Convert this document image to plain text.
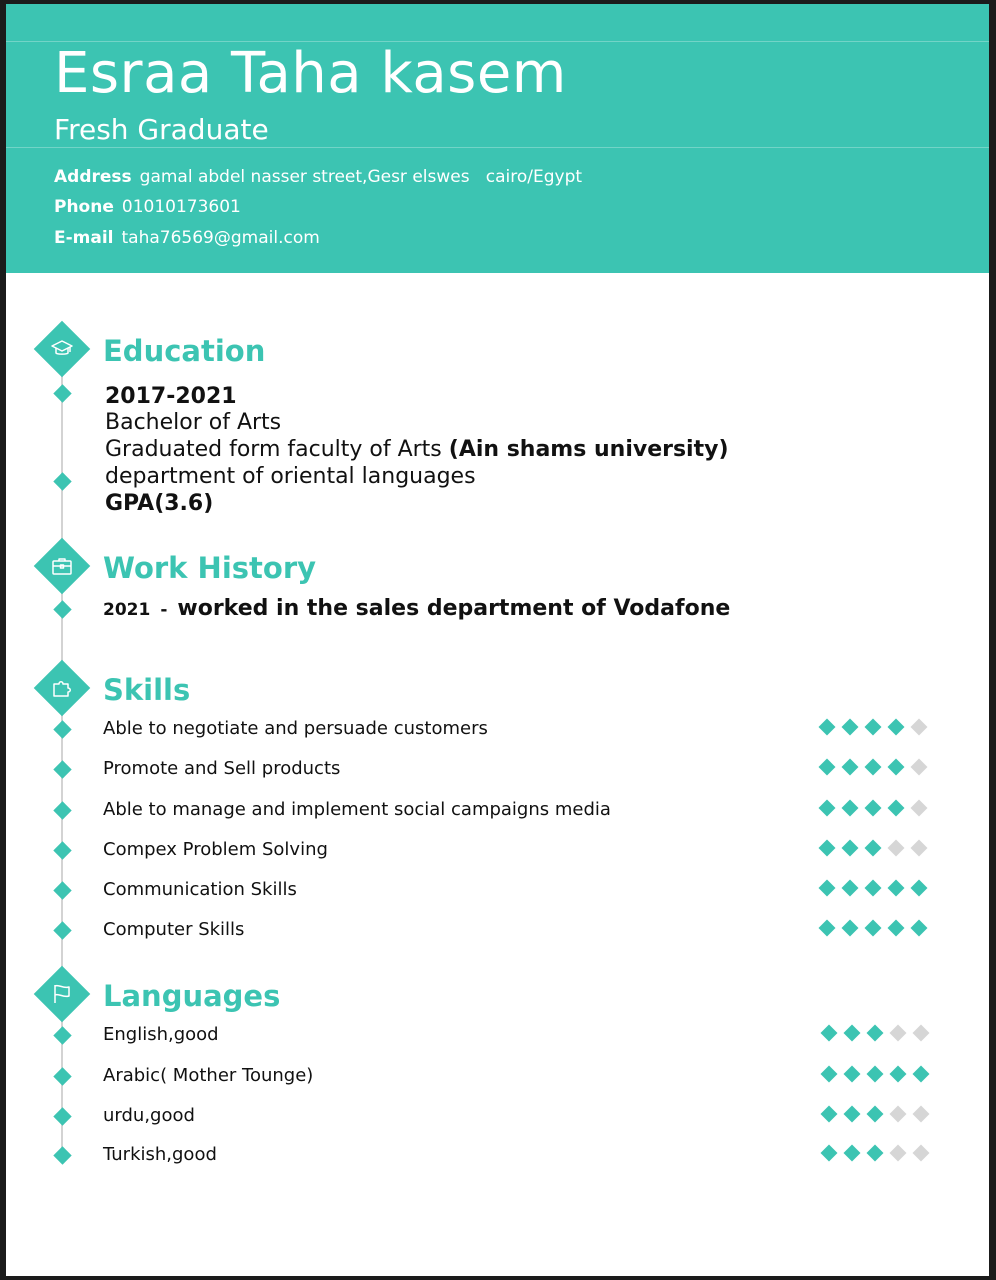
Esraa Taha kasem
Fresh Graduate
Address gamal abdel nasser street,Gesr elswes   cairo/Egypt
Phone 01010173601
E-mail taha76569@gmail.com
Education
2017-2021
Bachelor of Arts
Graduated form faculty of Arts (Ain shams university)
department of oriental languages
GPA(3.6)
Work History
2021 - worked in the sales department of Vodafone
Skills
Able to negotiate and persuade customers
Promote and Sell products
Able to manage and implement social campaigns media
Compex Problem Solving
Communication Skills
Computer Skills
Languages
English,good
Arabic( Mother Tounge)
urdu,good
Turkish,good
